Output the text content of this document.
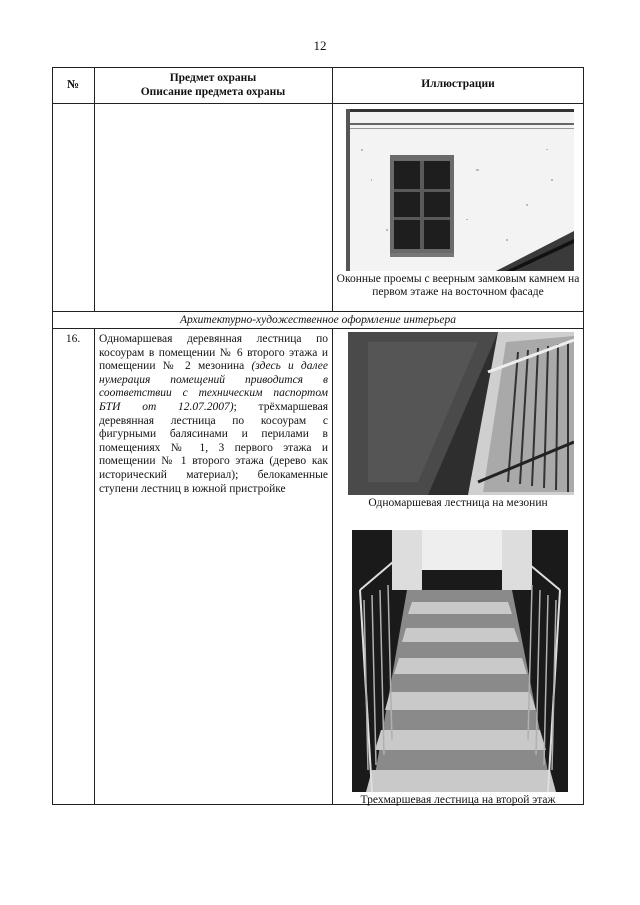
12
№	Предмет охраны
Описание предмета охраны
Иллюстрации
Оконные проемы с веерным замковым камнем на первом этаже на восточном фасаде
Архитектурно-художественное оформление интерьера
16.	Одномаршевая деревянная лестница по косоурам в помещении № 6 второго этажа и помещении № 2 мезонина (здесь и далее нумерация помещений приводится в соответствии с техническим паспортом БТИ от 12.07.2007); трёхмаршевая деревянная лестница по косоурам с фигурными балясинами и перилами в помещениях № 1, 3 первого этажа и помещении № 1 второго этажа (дерево как исторический материал); белокаменные ступени лестниц в южной пристройке
Одномаршевая лестница на мезонин
Трехмаршевая лестница на второй этаж
